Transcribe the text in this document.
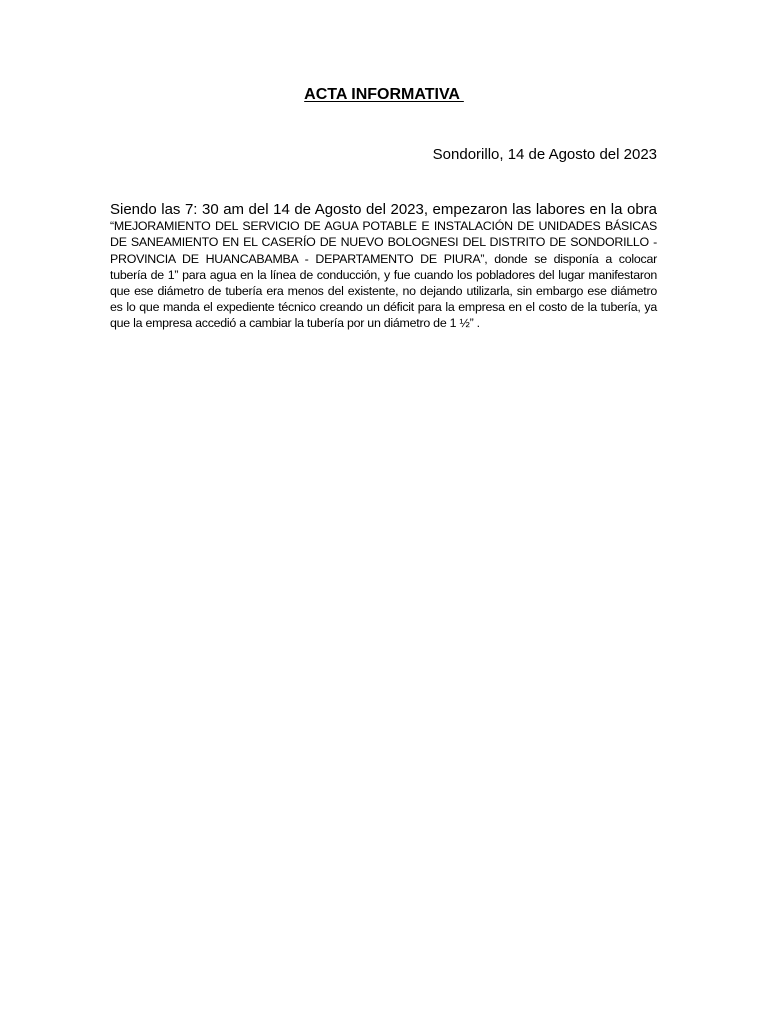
ACTA INFORMATIVA
Sondorillo, 14 de Agosto del 2023

Siendo las 7: 30 am del 14 de Agosto del 2023, empezaron las labores en la obra “MEJORAMIENTO DEL SERVICIO DE AGUA POTABLE E INSTALACIÓN DE UNIDADES BÁSICAS DE SANEAMIENTO EN EL CASERÍO DE NUEVO BOLOGNESI DEL DISTRITO DE SONDORILLO - PROVINCIA DE HUANCABAMBA - DEPARTAMENTO DE PIURA”, donde se disponía a colocar tubería de 1” para agua en la línea de conducción, y fue cuando los pobladores del lugar manifestaron que ese diámetro de tubería era menos del existente, no dejando utilizarla, sin embargo ese diámetro es lo que manda el expediente técnico creando un déficit para la empresa en el costo de la tubería, ya que la empresa accedió a cambiar la tubería por un diámetro de 1 ½” .
